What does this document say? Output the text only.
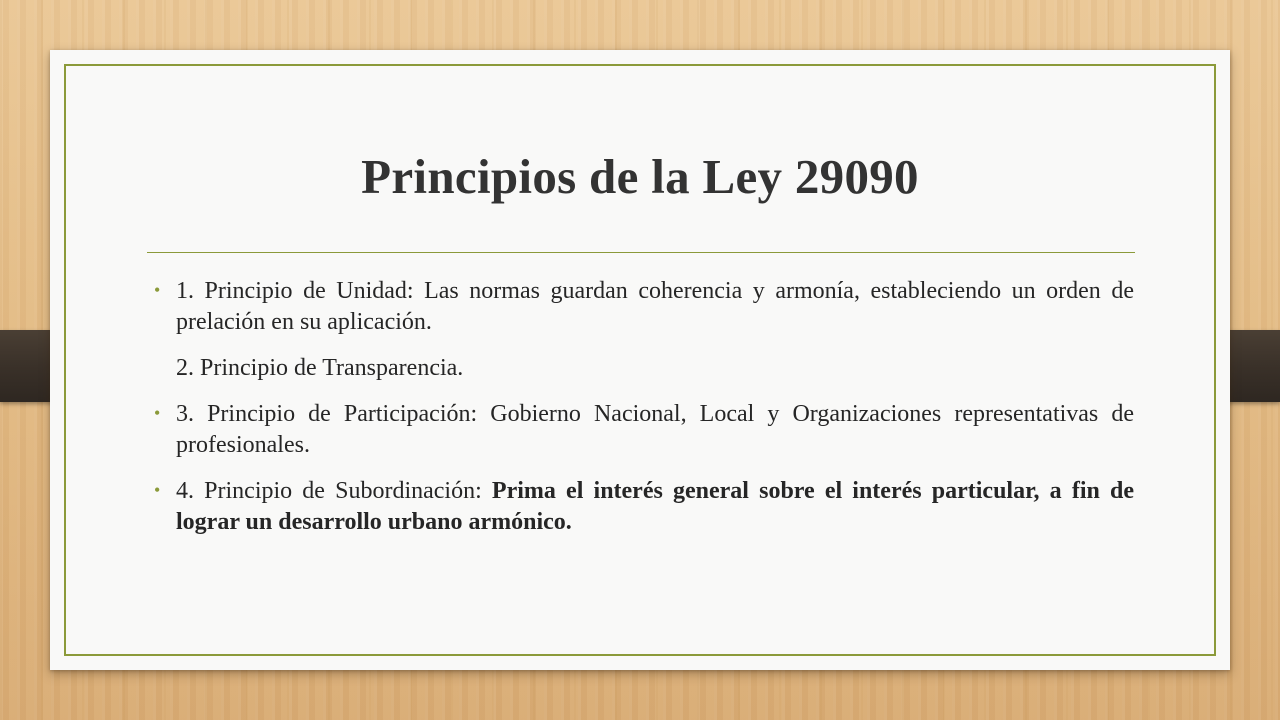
Principios de la Ley 29090
• 1. Principio de Unidad: Las normas guardan coherencia y armonía, estableciendo un orden de prelación en su aplicación.
2. Principio de Transparencia.
• 3. Principio de Participación: Gobierno Nacional, Local y Organizaciones representativas de profesionales.
• 4. Principio de Subordinación: Prima el interés general sobre el interés particular, a fin de lograr un desarrollo urbano armónico.
